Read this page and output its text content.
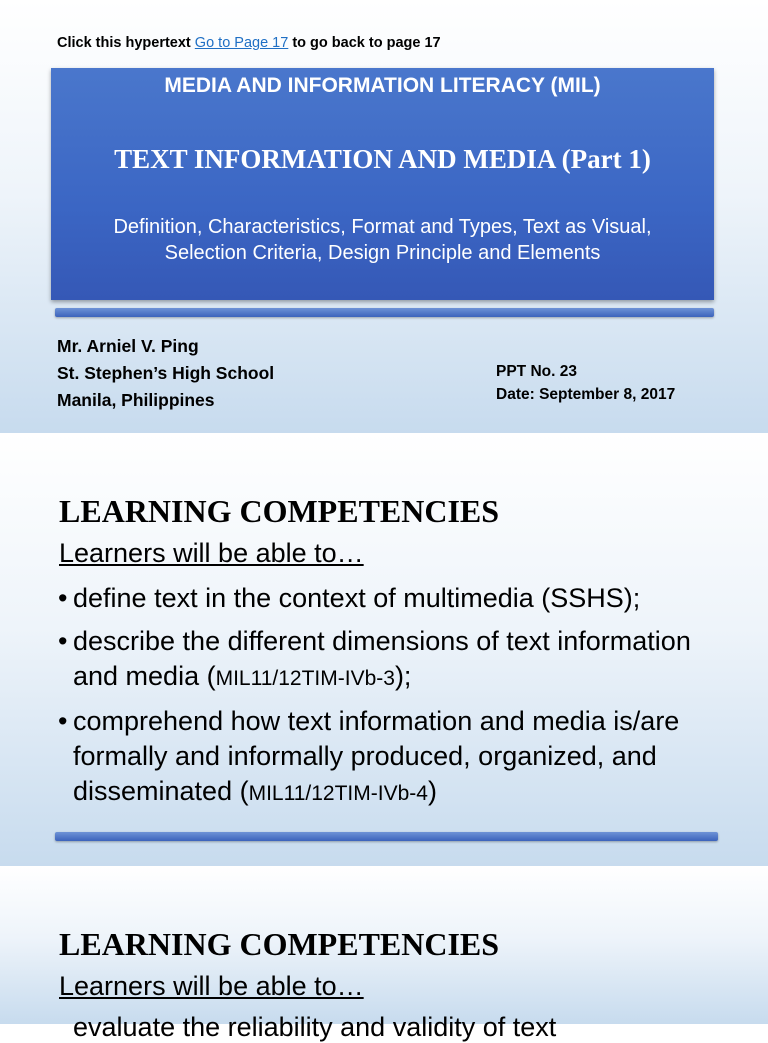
Click this hypertext Go to Page 17 to go back to page 17
MEDIA AND INFORMATION LITERACY (MIL)
TEXT INFORMATION AND MEDIA (Part 1)
Definition, Characteristics, Format and Types, Text as Visual,
Selection Criteria, Design Principle and Elements
Mr. Arniel V. Ping
St. Stephen’s High School
Manila, Philippines
PPT No. 23
Date: September 8, 2017
LEARNING COMPETENCIES
Learners will be able to…
• define text in the context of multimedia (SSHS);
• describe the different dimensions of text information and media (MIL11/12TIM-IVb-3);
• comprehend how text information and media is/are formally and informally produced, organized, and disseminated (MIL11/12TIM-IVb-4)
LEARNING COMPETENCIES
Learners will be able to…
evaluate the reliability and validity of text
